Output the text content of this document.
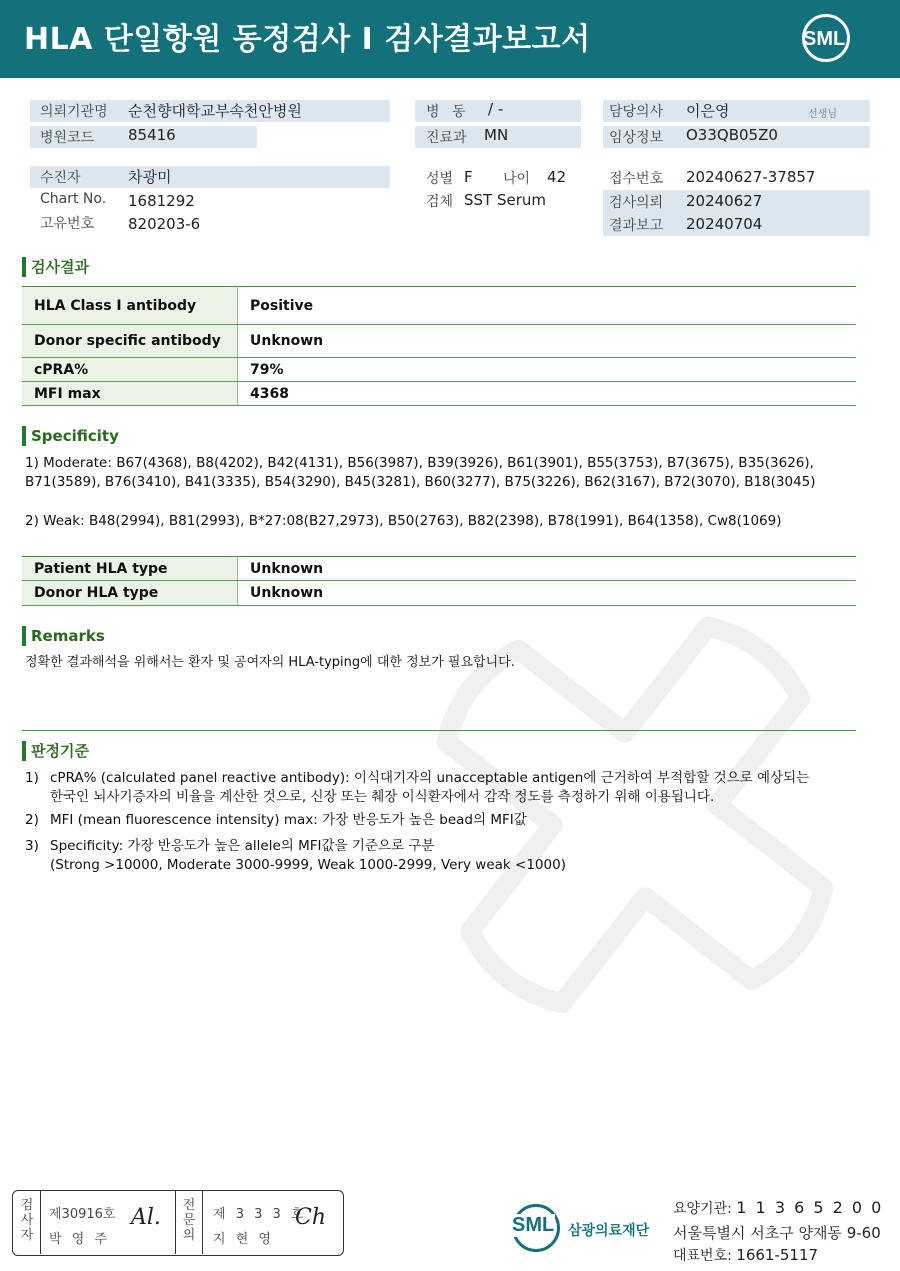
HLA 단일항원 동정검사 I 검사결과보고서	SML
의뢰기관명 순천향대학교부속천안병원
병원코드 85416
병 동 / -
진료과 MN
담당의사 이은영	선생님
임상정보 O33QB05Z0
수진자	차광미
Chart No. 1681292
고유번호 820203-6
성별 F 나이 42
검체 SST Serum
접수번호 20240627-37857
검사의뢰 20240627
결과보고 20240704
검사결과
HLA Class I antibody	Positive
Donor specific antibody	Unknown
cPRA%	79%
MFI max	4368
Specificity
1) Moderate: B67(4368), B8(4202), B42(4131), B56(3987), B39(3926), B61(3901), B55(3753), B7(3675), B35(3626),
B71(3589), B76(3410), B41(3335), B54(3290), B45(3281), B60(3277), B75(3226), B62(3167), B72(3070), B18(3045)
2) Weak: B48(2994), B81(2993), B*27:08(B27,2973), B50(2763), B82(2398), B78(1991), B64(1358), Cw8(1069)
Patient HLA type	Unknown
Donor HLA type	Unknown
Remarks
정확한 결과해석을 위해서는 환자 및 공여자의 HLA-typing에 대한 정보가 필요합니다.
판정기준
1) cPRA% (calculated panel reactive antibody): 이식대기자의 unacceptable antigen에 근거하여 부적합할 것으로 예상되는
한국인 뇌사기증자의 비율을 계산한 것으로, 신장 또는 췌장 이식환자에서 감작 정도를 측정하기 위해 이용됩니다.
2) MFI (mean fluorescence intensity) max: 가장 반응도가 높은 bead의 MFI값
3) Specificity: 가장 반응도가 높은 allele의 MFI값을 기준으로 구분
(Strong >10000, Moderate 3000-9999, Weak 1000-2999, Very weak <1000)
검사자
제30916호
박 영 주
Al. 전문의
제 3 3 3 호
지 현 영
Ch	SML 삼광의료재단
요양기관: 1 1 3 6 5 2 0 0
서울특별시 서초구 양재동 9-60
대표번호: 1661-5117
